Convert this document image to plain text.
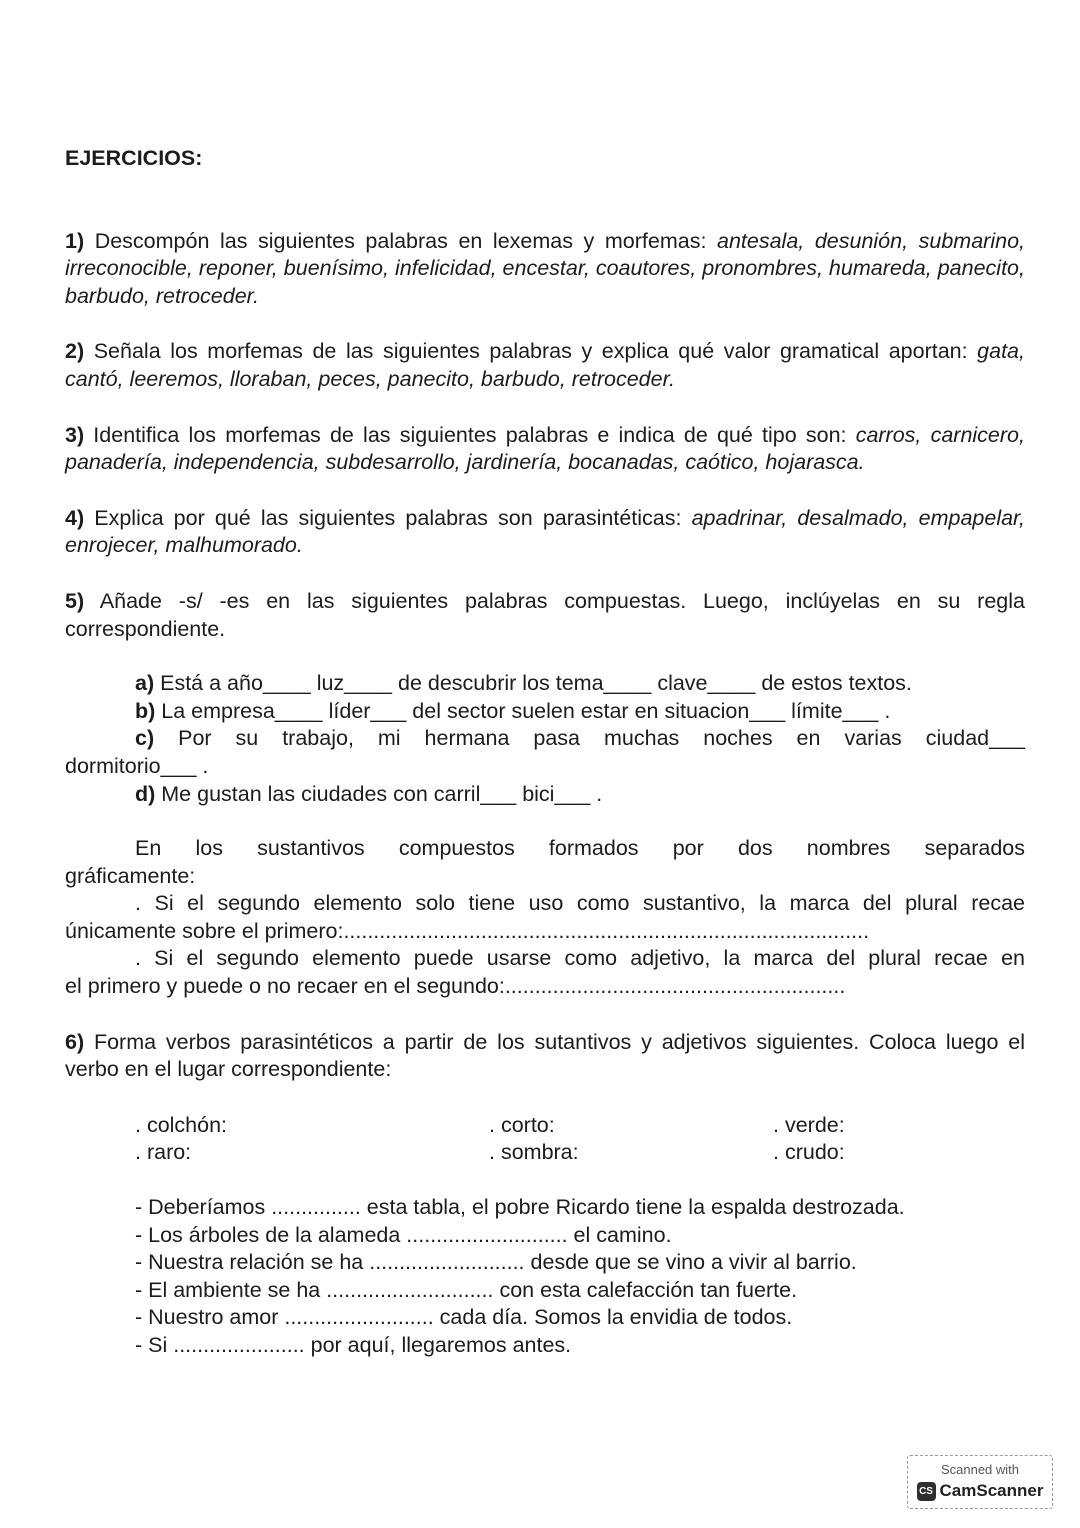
EJERCICIOS:

1) Descompón las siguientes palabras en lexemas y morfemas: antesala, desunión, submarino, irreconocible, reponer, buenísimo, infelicidad, encestar, coautores, pronombres, humareda, panecito, barbudo, retroceder.
2) Señala los morfemas de las siguientes palabras y explica qué valor gramatical aportan: gata, cantó, leeremos, lloraban, peces, panecito, barbudo, retroceder.
3) Identifica los morfemas de las siguientes palabras e indica de qué tipo son: carros, carnicero, panadería, independencia, subdesarrollo, jardinería, bocanadas, caótico, hojarasca.
4) Explica por qué las siguientes palabras son parasintéticas: apadrinar, desalmado, empapelar, enrojecer, malhumorado.
5) Añade -s/ -es en las siguientes palabras compuestas. Luego, inclúyelas en su regla correspondiente.
a) Está a año____ luz____ de descubrir los tema____ clave____ de estos textos.
b) La empresa____ líder___ del sector suelen estar en situacion___ límite___ .
c) Por su trabajo, mi hermana pasa muchas noches en varias ciudad___
dormitorio___ .
d) Me gustan las ciudades con carril___ bici___ .
En los sustantivos compuestos formados por dos nombres separados
gráficamente:
. Si el segundo elemento solo tiene uso como sustantivo, la marca del plural recae
únicamente sobre el primero:........................................................................................
. Si el segundo elemento puede usarse como adjetivo, la marca del plural recae en
el primero y puede o no recaer en el segundo:.........................................................
6) Forma verbos parasintéticos a partir de los sutantivos y adjetivos siguientes. Coloca luego el verbo en el lugar correspondiente:
. colchón:	. corto:	. verde:
. raro:	. sombra:	. crudo:
- Deberíamos ............... esta tabla, el pobre Ricardo tiene la espalda destrozada.
- Los árboles de la alameda ........................... el camino.
- Nuestra relación se ha .......................... desde que se vino a vivir al barrio.
- El ambiente se ha ............................ con esta calefacción tan fuerte.
- Nuestro amor ......................... cada día. Somos la envidia de todos.
- Si ...................... por aquí, llegaremos antes.
Scanned with
CS CamScanner
